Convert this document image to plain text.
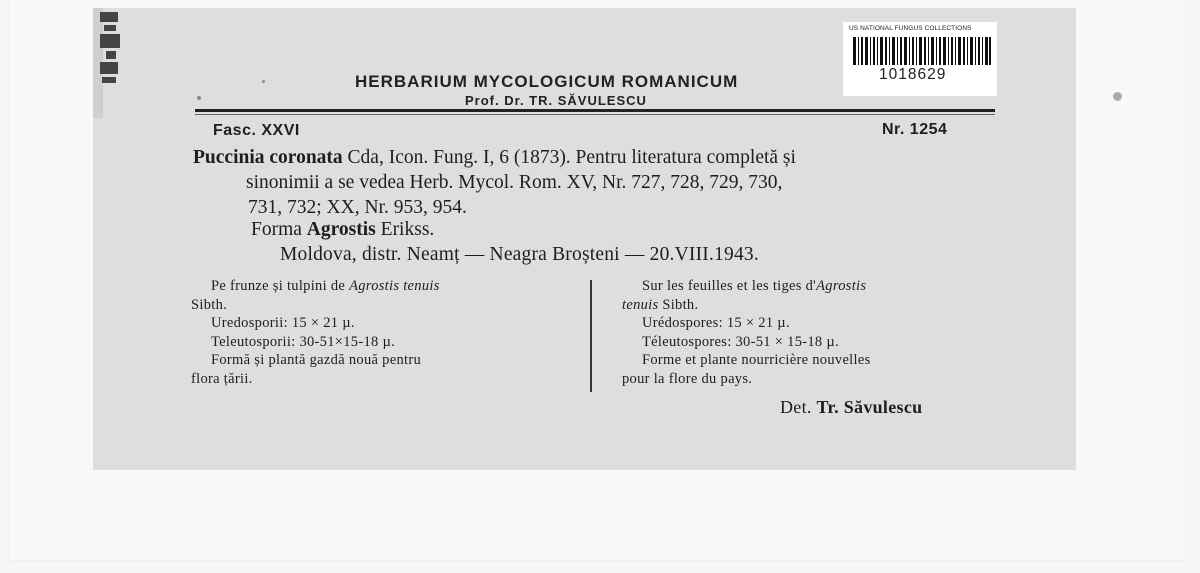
HERBARIUM MYCOLOGICUM ROMANICUM
Prof. Dr. TR. SĂVULESCU
Fasc. XXVI	Nr. 1254
Puccinia coronata Cda, Icon. Fung. I, 6 (1873). Pentru literatura completă și
sinonimii a se vedea Herb. Mycol. Rom. XV, Nr. 727, 728, 729, 730,
731, 732; XX, Nr. 953, 954.
Forma Agrostis Erikss.
Moldova, distr. Neamț — Neagra Broșteni — 20.VIII.1943.
Pe frunze și tulpini de Agrostis tenuis
Sibth.
Uredosporii: 15 × 21 µ.
Teleutosporii: 30-51×15-18 µ.
Formă și plantă gazdă nouă pentru
flora țării.
Sur les feuilles et les tiges d'Agrostis
tenuis Sibth.
Urédospores: 15 × 21 µ.
Téleutospores: 30-51 × 15-18 µ.
Forme et plante nourricière nouvelles
pour la flore du pays.
Det. Tr. Săvulescu
US NATIONAL FUNGUS COLLECTIONS
1018629
